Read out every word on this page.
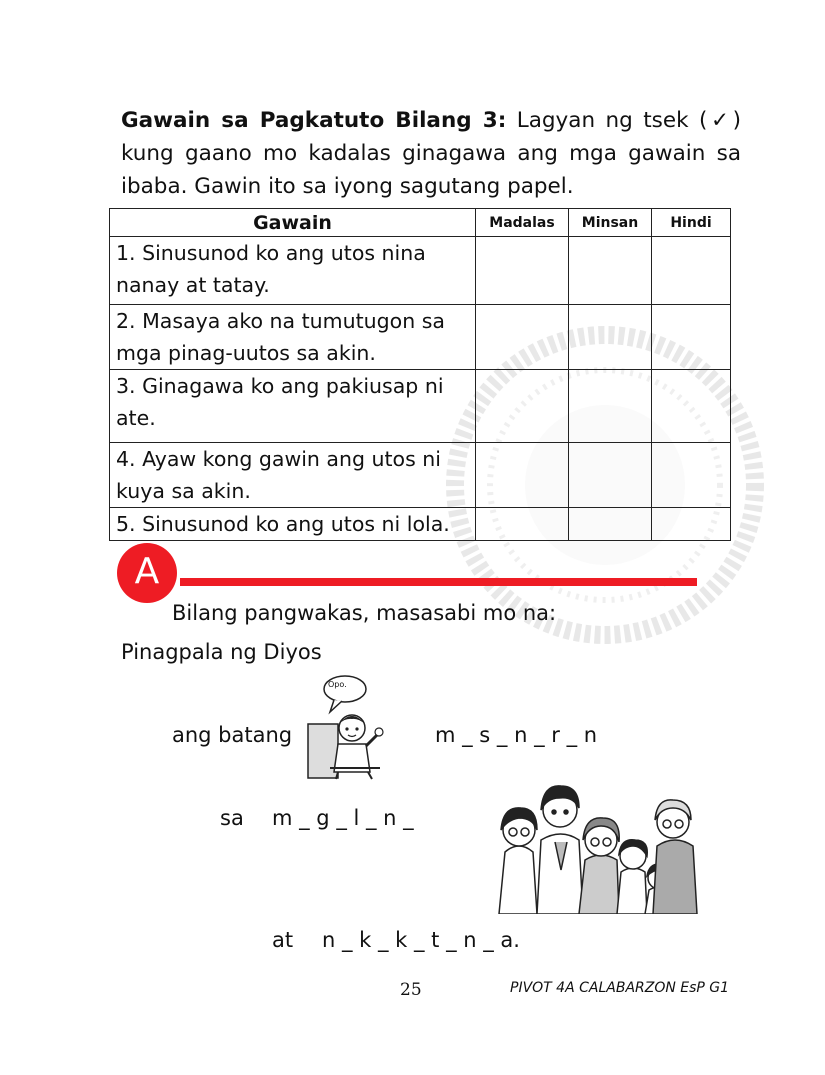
Gawain sa Pagkatuto Bilang 3: Lagyan ng tsek (✓) kung gaano mo kadalas ginagawa ang mga gawain sa ibaba. Gawin ito sa iyong sagutang papel.
Gawain	Madalas	Minsan	Hindi
1. Sinusunod ko ang utos nina nanay at tatay.			
2. Masaya ako na tumutugon sa mga pinag-uutos sa akin.			
3. Ginagawa ko ang pakiusap ni ate.			
4. Ayaw kong gawin ang utos ni kuya sa akin.			
5. Sinusunod ko ang utos ni lola.			
A
Bilang pangwakas, masasabi mo na:
Pinagpala ng Diyos
ang batang
Opo.
m _ s _ n _ r _ n
sa m _ g _ l _ n _
at n _ k _ k _ t _ n _ a.
25	PIVOT 4A CALABARZON EsP G1
